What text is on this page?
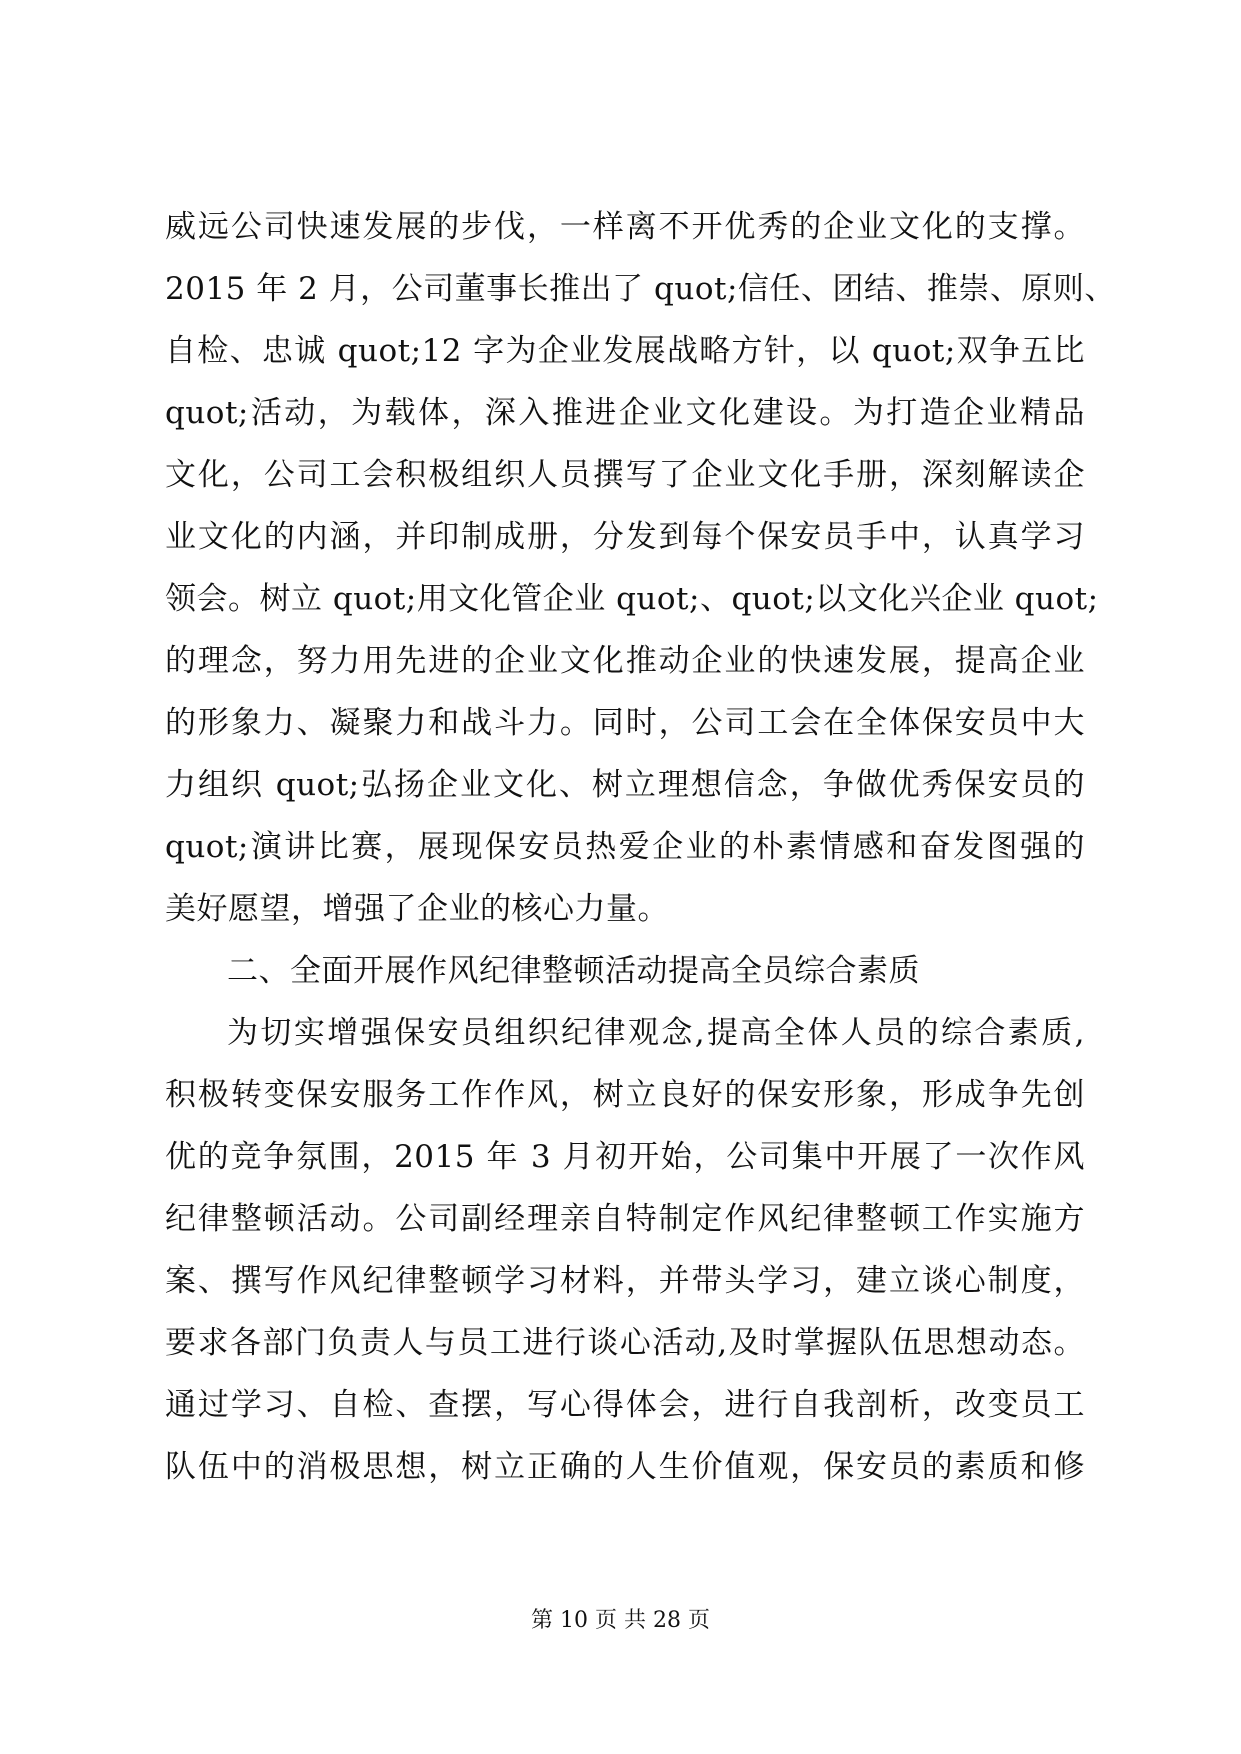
威远公司快速发展的步伐，一样离不开优秀的企业文化的支撑。
2015 年 2 月，公司董事长推出了 quot;信任、团结、推崇、原则、
自检、忠诚 quot;12 字为企业发展战略方针，以 quot;双争五比
quot;活动，为载体，深入推进企业文化建设。为打造企业精品
文化，公司工会积极组织人员撰写了企业文化手册，深刻解读企
业文化的内涵，并印制成册，分发到每个保安员手中，认真学习
领会。树立 quot;用文化管企业 quot;、quot;以文化兴企业 quot;
的理念，努力用先进的企业文化推动企业的快速发展，提高企业
的形象力、凝聚力和战斗力。同时，公司工会在全体保安员中大
力组织 quot;弘扬企业文化、树立理想信念，争做优秀保安员的
quot;演讲比赛，展现保安员热爱企业的朴素情感和奋发图强的
美好愿望，增强了企业的核心力量。
二、全面开展作风纪律整顿活动提高全员综合素质
为切实增强保安员组织纪律观念,提高全体人员的综合素质,
积极转变保安服务工作作风，树立良好的保安形象，形成争先创
优的竞争氛围，2015 年 3 月初开始，公司集中开展了一次作风
纪律整顿活动。公司副经理亲自特制定作风纪律整顿工作实施方
案、撰写作风纪律整顿学习材料，并带头学习，建立谈心制度，
要求各部门负责人与员工进行谈心活动,及时掌握队伍思想动态。
通过学习、自检、查摆，写心得体会，进行自我剖析，改变员工
队伍中的消极思想，树立正确的人生价值观，保安员的素质和修
第 10 页 共 28 页
